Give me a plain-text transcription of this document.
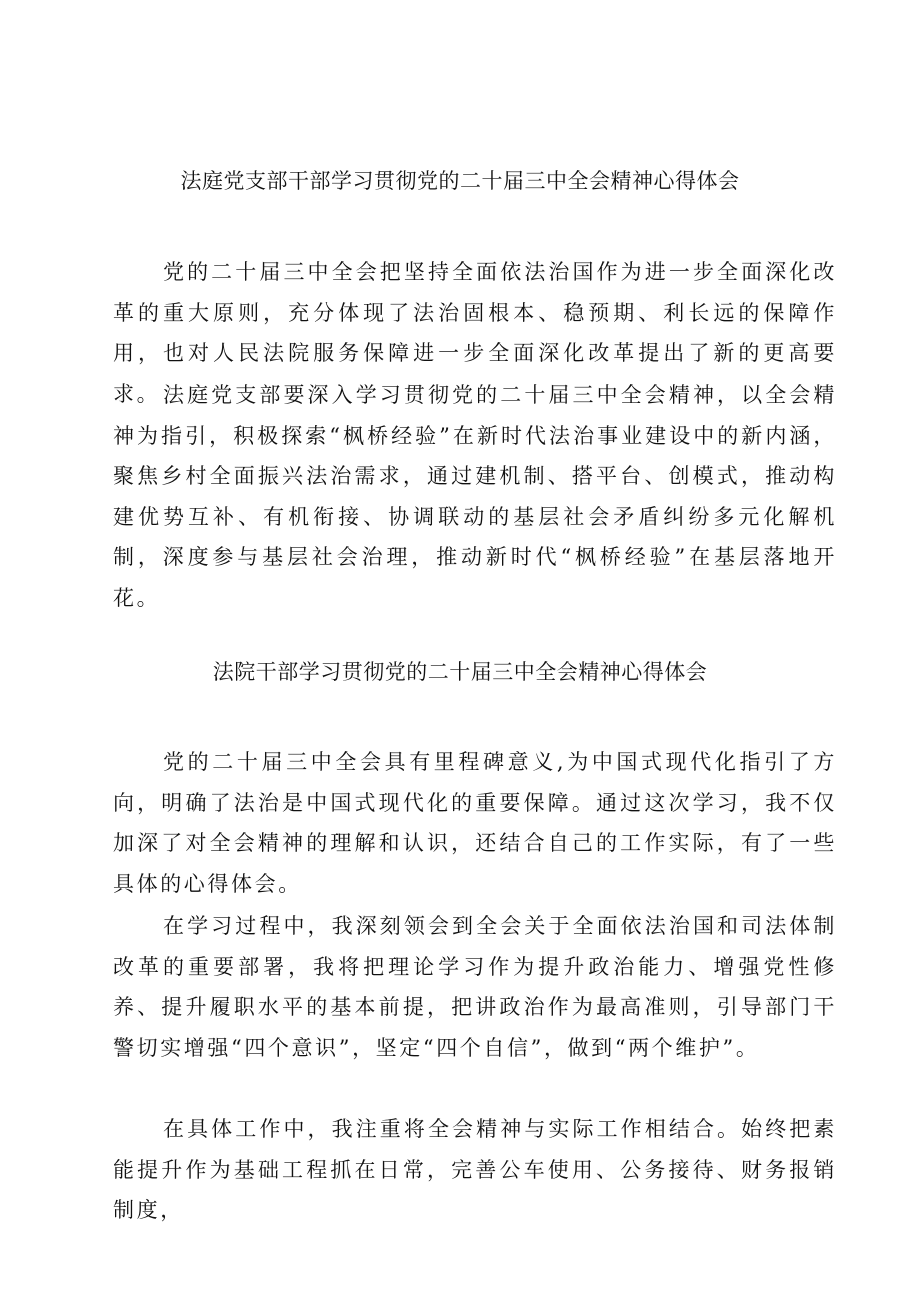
法庭党支部干部学习贯彻党的二十届三中全会精神心得体会

党的二十届三中全会把坚持全面依法治国作为进一步全面深化改革的重大原则，充分体现了法治固根本、稳预期、利长远的保障作用，也对人民法院服务保障进一步全面深化改革提出了新的更高要求。 法庭党支部要深入学习贯彻党的二十届三中全会精神，以全会精神为指引，积极探索“枫桥经验”在新时代法治事业建设中的新内涵，聚焦乡村全面振兴法治需求，通过建机制、搭平台、创模式，推动构建优势互补、有机衔接、协调联动的基层社会矛盾纠纷多元化解机制，深度参与基层社会治理，推动新时代“枫桥经验”在基层落地开花。

法院干部学习贯彻党的二十届三中全会精神心得体会

党的二十届三中全会具有里程碑意义,为中国式现代化指引了方向，明确了法治是中国式现代化的重要保障。通过这次学习，我不仅加深了对全会精神的理解和认识，还结合自己的工作实际，有了一些具体的心得体会。

在学习过程中，我深刻领会到全会关于全面依法治国和司法体制改革的重要部署，我将把理论学习作为提升政治能力、增强党性修养、提升履职水平的基本前提，把讲政治作为最高准则，引导部门干警切实增强“四个意识”，坚定“四个自信”，做到“两个维护”。

在具体工作中，我注重将全会精神与实际工作相结合。始终把素能提升作为基础工程抓在日常，完善公车使用、公务接待、财务报销制度，
